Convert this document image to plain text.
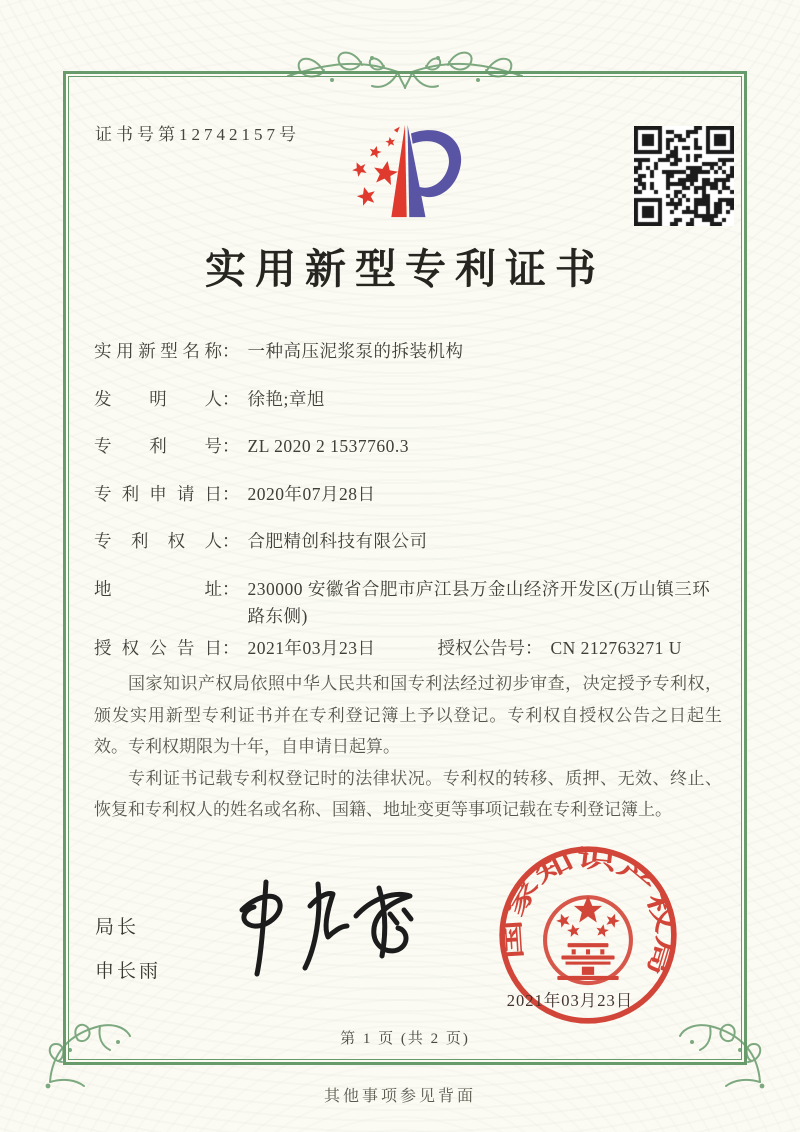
证书号第12742157号
实用新型专利证书
实用新型名称 ： 一种高压泥浆泵的拆装机构
发明人 ： 徐艳;章旭
专利号 ： ZL 2020 2 1537760.3
专利申请日 ： 2020年07月28日
专利权人 ： 合肥精创科技有限公司
地址 ： 230000 安徽省合肥市庐江县万金山经济开发区(万山镇三环路东侧)
授权公告日 ： 2021年03月23日	授权公告号 ： CN 212763271 U

国家知识产权局依照中华人民共和国专利法经过初步审查，决定授予专利权，颁发实用新型专利证书并在专利登记簿上予以登记。专利权自授权公告之日起生效。专利权期限为十年，自申请日起算。

专利证书记载专利权登记时的法律状况。专利权的转移、质押、无效、终止、恢复和专利权人的姓名或名称、国籍、地址变更等事项记载在专利登记簿上。

局长
申长雨
国家知识产权局
2021年03月23日
第 1 页 (共 2 页)
其他事项参见背面
